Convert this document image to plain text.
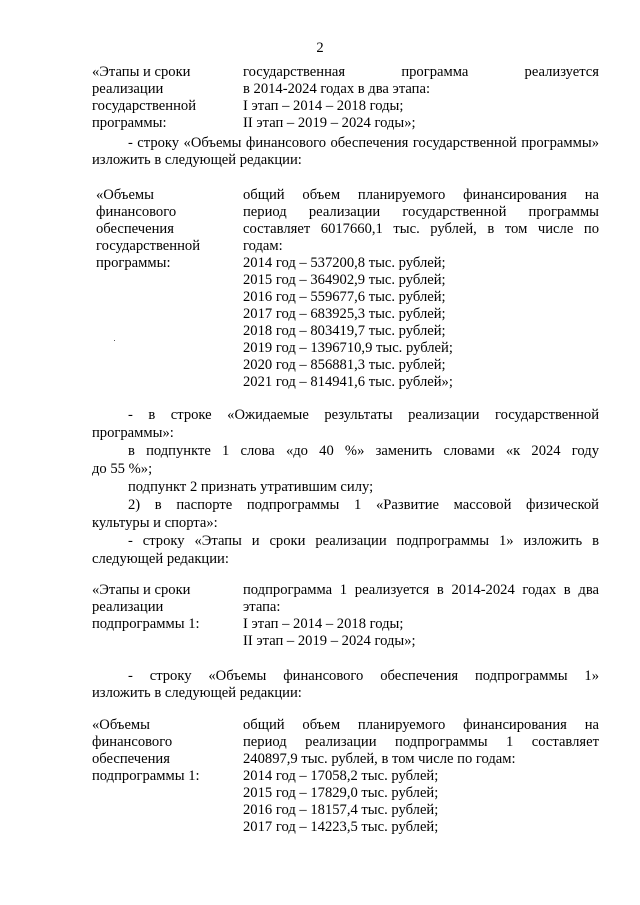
2
«Этапы и сроки
реализации
государственной
программы:
государственная программа реализуется
в 2014-2024 годах в два этапа:
I этап – 2014 – 2018 годы;
II этап – 2019 – 2024 годы»;
- строку «Объемы финансового обеспечения государственной программы»
изложить в следующей редакции:
«Объемы
финансового
обеспечения
государственной
программы:
общий объем планируемого финансирования на
период реализации государственной программы
составляет 6017660,1 тыс. рублей, в том числе по
годам:
2014 год – 537200,8 тыс. рублей;
2015 год – 364902,9 тыс. рублей;
2016 год – 559677,6 тыс. рублей;
2017 год – 683925,3 тыс. рублей;
2018 год – 803419,7 тыс. рублей;
2019 год – 1396710,9 тыс. рублей;
2020 год – 856881,3 тыс. рублей;
2021 год – 814941,6 тыс. рублей»;
- в строке «Ожидаемые результаты реализации государственной
программы»:
в подпункте 1 слова «до 40 %» заменить словами «к 2024 году
до 55 %»;
подпункт 2 признать утратившим силу;
2) в паспорте подпрограммы 1 «Развитие массовой физической
культуры и спорта»:
- строку «Этапы и сроки реализации подпрограммы 1» изложить в
следующей редакции:
«Этапы и сроки
реализации
подпрограммы 1:
подпрограмма 1 реализуется в 2014-2024 годах в два
этапа:
I этап – 2014 – 2018 годы;
II этап – 2019 – 2024 годы»;
- строку «Объемы финансового обеспечения подпрограммы 1»
изложить в следующей редакции:
«Объемы
финансового
обеспечения
подпрограммы 1:
общий объем планируемого финансирования на
период реализации подпрограммы 1 составляет
240897,9 тыс. рублей, в том числе по годам:
2014 год – 17058,2 тыс. рублей;
2015 год – 17829,0 тыс. рублей;
2016 год – 18157,4 тыс. рублей;
2017 год – 14223,5 тыс. рублей;
